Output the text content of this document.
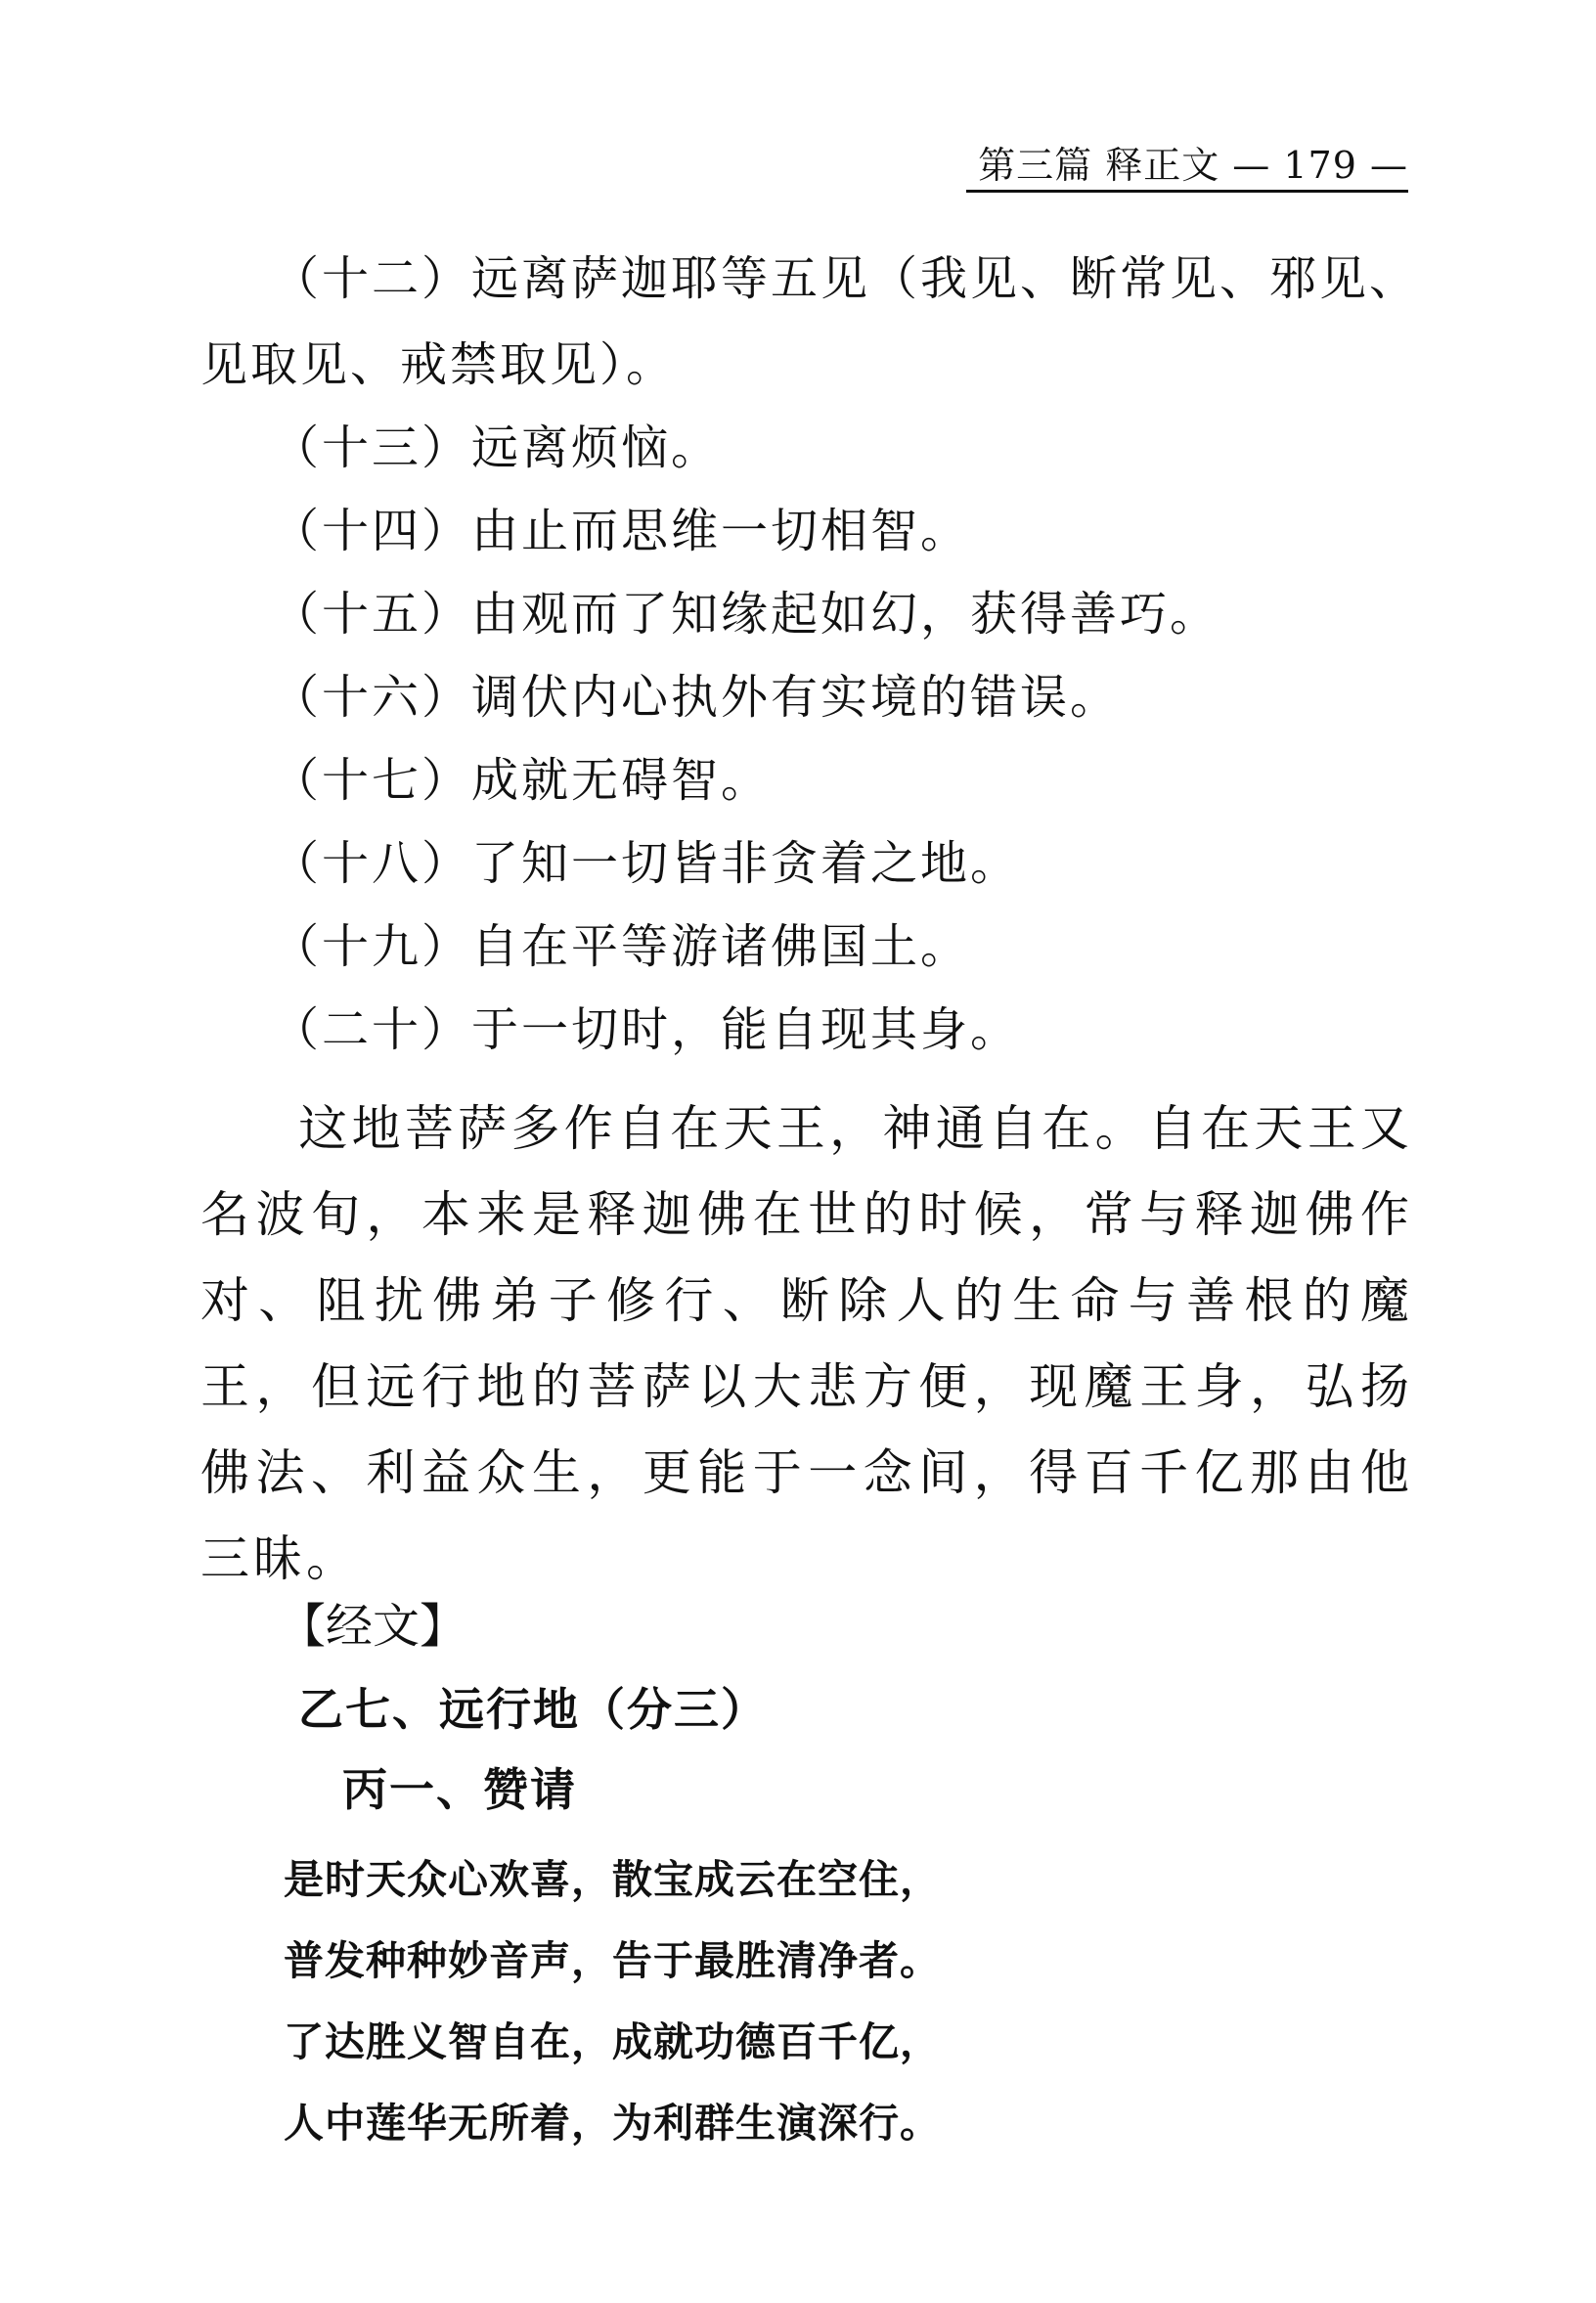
第三篇 释正文 — 179 —
（十二）远离萨迦耶等五见（我见、断常见、邪见、
见取见、戒禁取见）。
（十三）远离烦恼。
（十四）由止而思维一切相智。
（十五）由观而了知缘起如幻，获得善巧。
（十六）调伏内心执外有实境的错误。
（十七）成就无碍智。
（十八）了知一切皆非贪着之地。
（十九）自在平等游诸佛国土。
（二十）于一切时，能自现其身。
这地菩萨多作自在天王，神通自在。自在天王又名波旬，本来是释迦佛在世的时候，常与释迦佛作对、阻扰佛弟子修行、断除人的生命与善根的魔王，但远行地的菩萨以大悲方便，现魔王身，弘扬佛法、利益众生，更能于一念间，得百千亿那由他三昧。
【经文】
乙七、远行地（分三）
丙一、赞请
是时天众心欢喜，散宝成云在空住，
普发种种妙音声，告于最胜清净者。
了达胜义智自在，成就功德百千亿，
人中莲华无所着，为利群生演深行。
